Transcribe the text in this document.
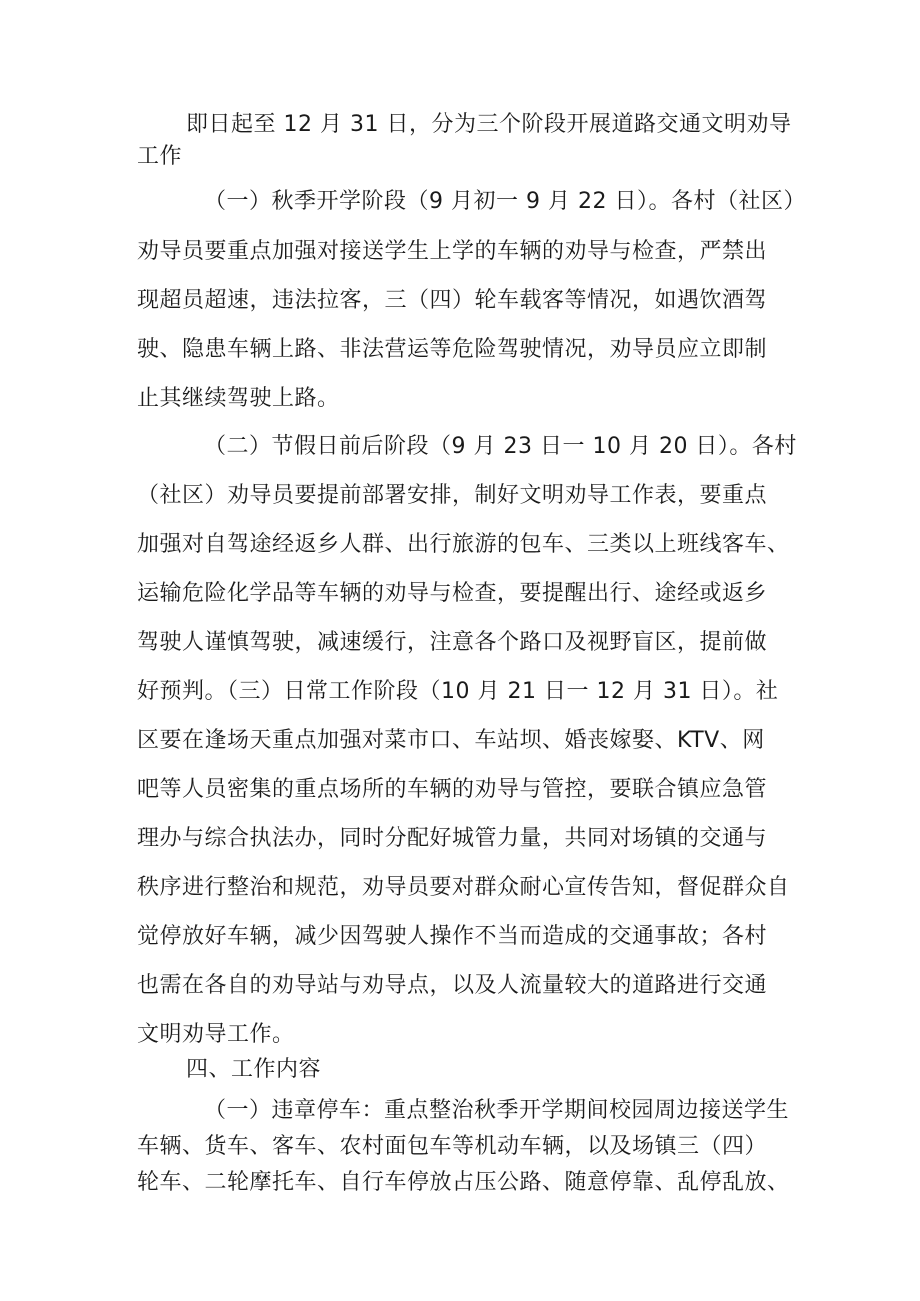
即日起至 12 月 31 日，分为三个阶段开展道路交通文明劝导
工作
（一）秋季开学阶段（9 月初一 9 月 22 日）。各村（社区）
劝导员要重点加强对接送学生上学的车辆的劝导与检查，严禁出
现超员超速，违法拉客，三（四）轮车载客等情况，如遇饮酒驾
驶、隐患车辆上路、非法营运等危险驾驶情况，劝导员应立即制
止其继续驾驶上路。
（二）节假日前后阶段（9 月 23 日一 10 月 20 日）。各村
（社区）劝导员要提前部署安排，制好文明劝导工作表，要重点
加强对自驾途经返乡人群、出行旅游的包车、三类以上班线客车、
运输危险化学品等车辆的劝导与检查，要提醒出行、途经或返乡
驾驶人谨慎驾驶，减速缓行，注意各个路口及视野盲区，提前做
好预判。（三）日常工作阶段（10 月 21 日一 12 月 31 日）。社
区要在逢场天重点加强对菜市口、车站坝、婚丧嫁娶、KTV、网
吧等人员密集的重点场所的车辆的劝导与管控，要联合镇应急管
理办与综合执法办，同时分配好城管力量，共同对场镇的交通与
秩序进行整治和规范，劝导员要对群众耐心宣传告知，督促群众自
觉停放好车辆，减少因驾驶人操作不当而造成的交通事故；各村
也需在各自的劝导站与劝导点，以及人流量较大的道路进行交通
文明劝导工作。
四、工作内容
（一）违章停车：重点整治秋季开学期间校园周边接送学生
车辆、货车、客车、农村面包车等机动车辆，以及场镇三（四）
轮车、二轮摩托车、自行车停放占压公路、随意停靠、乱停乱放、
